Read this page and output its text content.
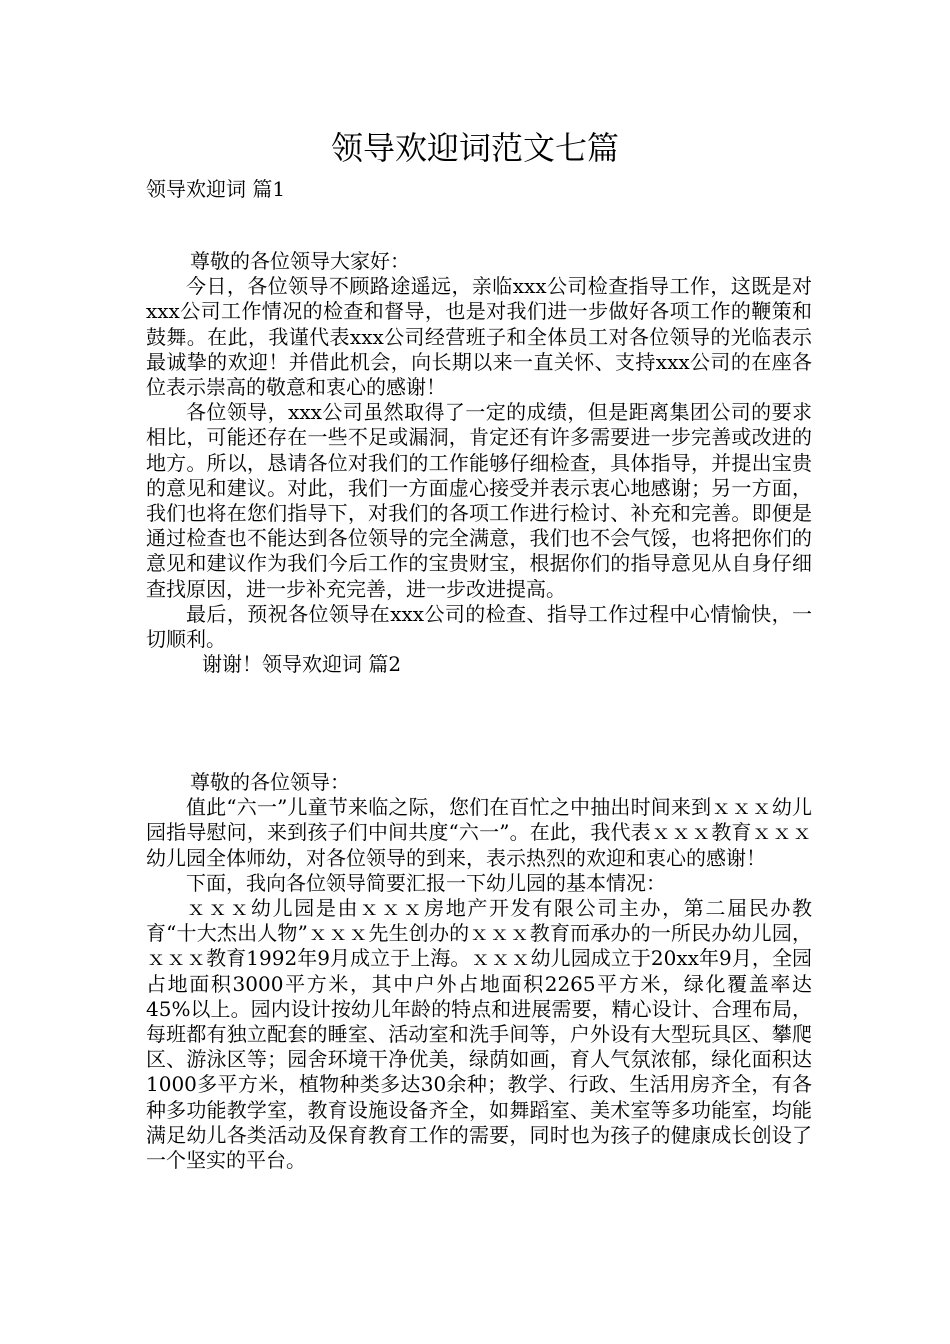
领导欢迎词范文七篇

领导欢迎词 篇1

尊敬的各位领导大家好：

今日，各位领导不顾路途遥远，亲临xxx公司检查指导工作，这既是对xxx公司工作情况的检查和督导，也是对我们进一步做好各项工作的鞭策和鼓舞。在此，我谨代表xxx公司经营班子和全体员工对各位领导的光临表示最诚挚的欢迎！并借此机会，向长期以来一直关怀、支持xxx公司的在座各位表示崇高的敬意和衷心的感谢！

各位领导，xxx公司虽然取得了一定的成绩，但是距离集团公司的要求相比，可能还存在一些不足或漏洞，肯定还有许多需要进一步完善或改进的地方。所以，恳请各位对我们的工作能够仔细检查，具体指导，并提出宝贵的意见和建议。对此，我们一方面虚心接受并表示衷心地感谢；另一方面，我们也将在您们指导下，对我们的各项工作进行检讨、补充和完善。即便是通过检查也不能达到各位领导的完全满意，我们也不会气馁，也将把你们的意见和建议作为我们今后工作的宝贵财宝，根据你们的指导意见从自身仔细查找原因，进一步补充完善，进一步改进提高。

最后，预祝各位领导在xxx公司的检查、指导工作过程中心情愉快，一切顺利。

谢谢！领导欢迎词 篇2

尊敬的各位领导：

值此“六一”儿童节来临之际，您们在百忙之中抽出时间来到ｘｘｘ幼儿园指导慰问，来到孩子们中间共度“六一”。在此，我代表ｘｘｘ教育ｘｘｘ幼儿园全体师幼，对各位领导的到来，表示热烈的欢迎和衷心的感谢！

下面，我向各位领导简要汇报一下幼儿园的基本情况：

ｘｘｘ幼儿园是由ｘｘｘ房地产开发有限公司主办，第二届民办教育“十大杰出人物”ｘｘｘ先生创办的ｘｘｘ教育而承办的一所民办幼儿园，ｘｘｘ教育1992年9月成立于上海。ｘｘｘ幼儿园成立于20xx年9月，全园占地面积3000平方米，其中户外占地面积2265平方米，绿化覆盖率达45%以上。园内设计按幼儿年龄的特点和进展需要，精心设计、合理布局，每班都有独立配套的睡室、活动室和洗手间等，户外设有大型玩具区、攀爬区、游泳区等；园舍环境干净优美，绿荫如画，育人气氛浓郁，绿化面积达1000多平方米，植物种类多达30余种；教学、行政、生活用房齐全，有各种多功能教学室，教育设施设备齐全，如舞蹈室、美术室等多功能室，均能满足幼儿各类活动及保育教育工作的需要，同时也为孩子的健康成长创设了一个坚实的平台。
